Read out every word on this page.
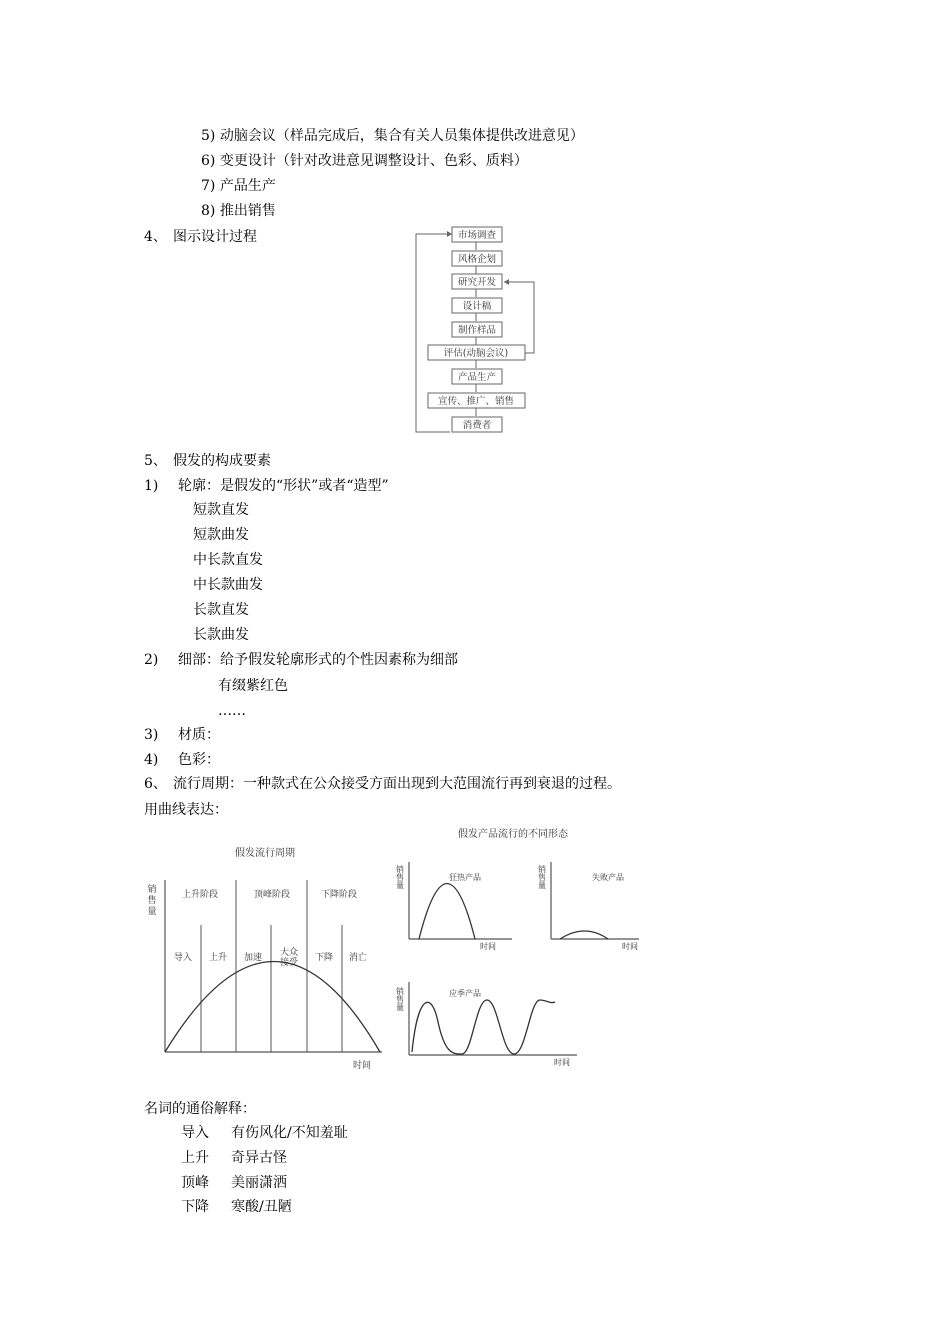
5) 动脑会议（样品完成后，集合有关人员集体提供改进意见）
6) 变更设计（针对改进意见调整设计、色彩、质料）
7) 产品生产
8) 推出销售
4、 图示设计过程	市场调查
风格企划
研究开发
设计稿
制作样品
评估(动脑会议)
产品生产
宣传、推广、销售
消费者
5、 假发的构成要素
1) 轮廓：是假发的“形状”或者“造型”
短款直发
短款曲发
中长款直发
中长款曲发
长款直发
长款曲发
2) 细部：给予假发轮廓形式的个性因素称为细部
有缀紫红色
……
3) 材质：
4) 色彩：
6、 流行周期：一种款式在公众接受方面出现到大范围流行再到衰退的过程。
用曲线表达：
假发流行周期
销售量
上升阶段	顶峰阶段	下降阶段
导入 上升 加速 大众接受 下降 消亡
时间
假发产品流行的不同形态
销售量
狂热产品
时间
销售量
失败产品
时间
销售量
应季产品
时间
名词的通俗解释：
导入 有伤风化/不知羞耻
上升 奇异古怪
顶峰 美丽潇洒
下降 寒酸/丑陋
